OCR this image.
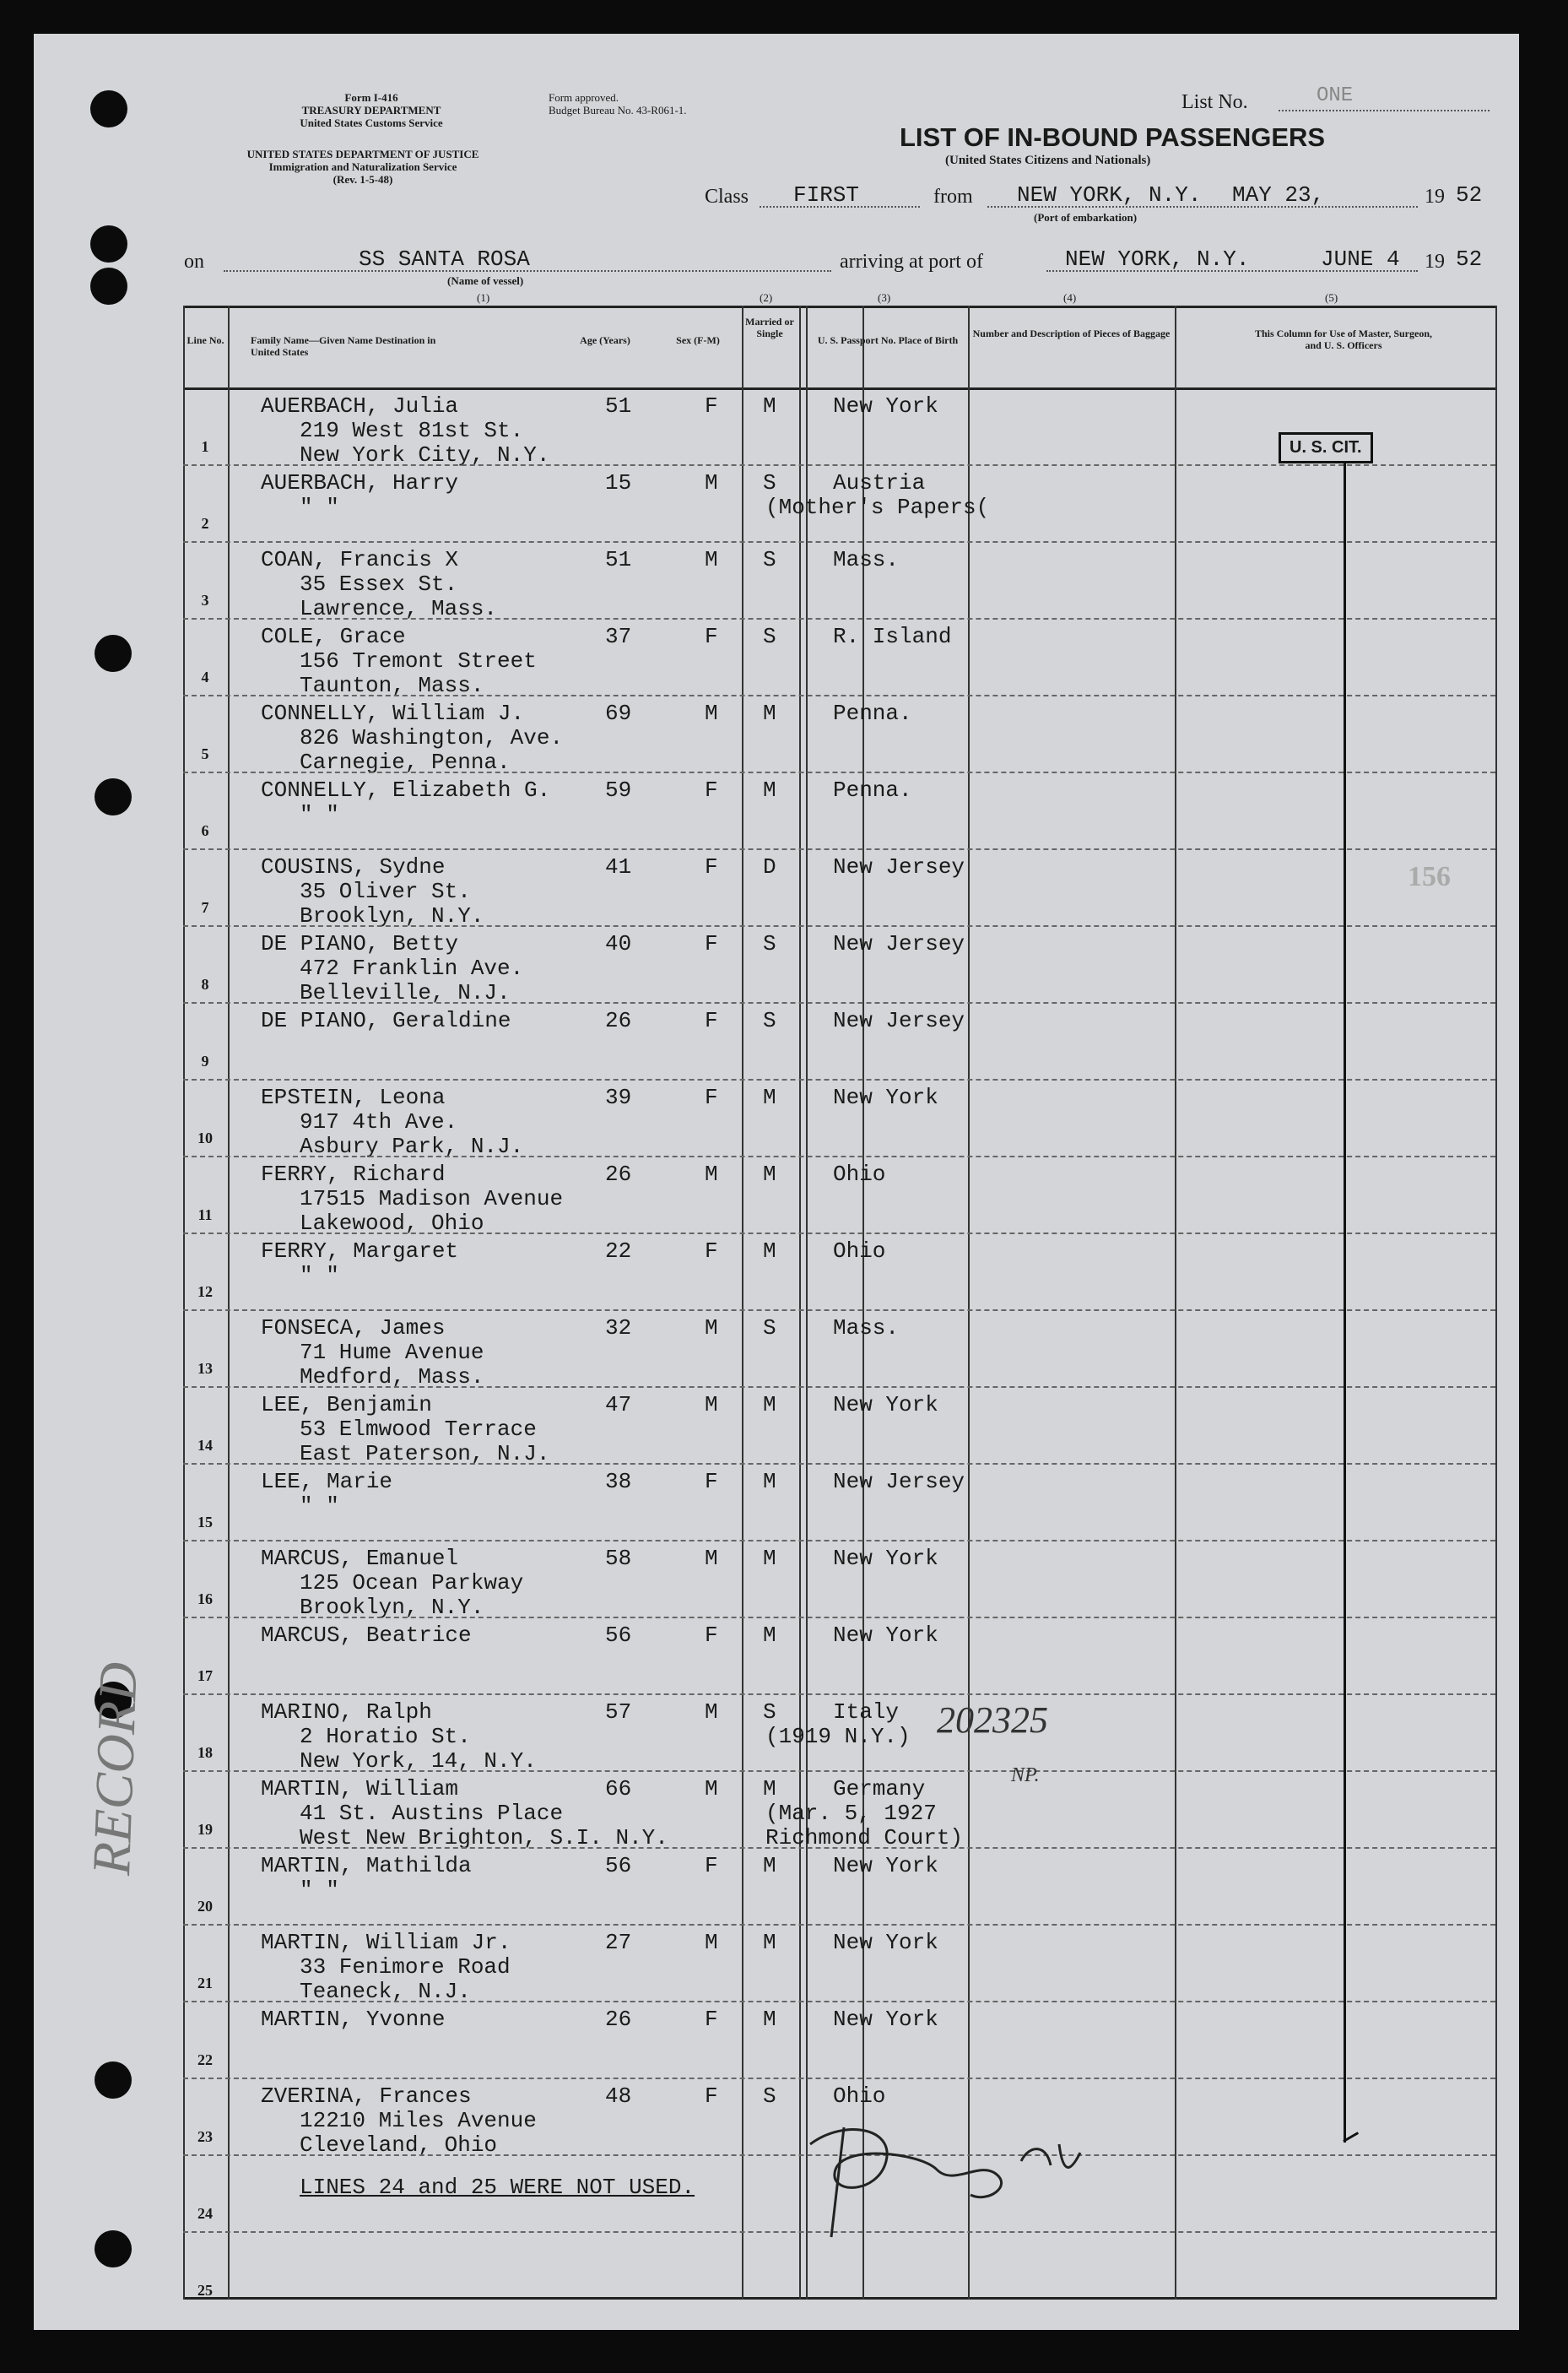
Form I-416
TREASURY DEPARTMENT
United States Customs Service
Form approved.
Budget Bureau No. 43-R061-1.
UNITED STATES DEPARTMENT OF JUSTICE
Immigration and Naturalization Service
(Rev. 1-5-48)
List No.	ONE
LIST OF IN-BOUND PASSENGERS
(United States Citizens and Nationals)
Class FIRST	from NEW YORK, N.Y. MAY 23,	19 52
(Port of embarkation)
on	SS SANTA ROSA
(Name of vessel)
arriving at port of	NEW YORK, N.Y.	JUNE 4 19 52
(1)	(2)	(3)	(4)	(5)
Line No.	Family Name—Given Name Destination in United States
Age (Years)	Sex (F-M)
Married or Single
U. S. Passport No. Place of Birth
Number and Description of Pieces of Baggage	This Column for Use of Master, Surgeon, and U. S. Officers
1
AUERBACH, Julia
219 West 81st St.
New York City, N.Y.
51	F M	New York
2
AUERBACH, Harry
" "
15	M S	Austria
(Mother's Papers(
3
COAN, Francis X
35 Essex St.
Lawrence, Mass.
51	M S	Mass.
4
COLE, Grace
156 Tremont Street
Taunton, Mass.
37	F S	R. Island
5
CONNELLY, William J.
826 Washington, Ave.
Carnegie, Penna.
69	M M	Penna.
6
CONNELLY, Elizabeth G.
" "
59	F M	Penna.
7
COUSINS, Sydne
35 Oliver St.
Brooklyn, N.Y.
41	F D	New Jersey
8
DE PIANO, Betty
472 Franklin Ave.
Belleville, N.J.
40	F S	New Jersey
9
DE PIANO, Geraldine	26	F S	New Jersey
10
EPSTEIN, Leona
917 4th Ave.
Asbury Park, N.J.
39	F M	New York
11
FERRY, Richard
17515 Madison Avenue
Lakewood, Ohio
26	M M	Ohio
12
FERRY, Margaret
" "
22	F M	Ohio
13
FONSECA, James
71 Hume Avenue
Medford, Mass.
32	M S	Mass.
14
LEE, Benjamin
53 Elmwood Terrace
East Paterson, N.J.
47	M M	New York
15
LEE, Marie
" "
38	F M	New Jersey
16
MARCUS, Emanuel
125 Ocean Parkway
Brooklyn, N.Y.
58	M M	New York
17
MARCUS, Beatrice	56	F M	New York
18
MARINO, Ralph
2 Horatio St.
New York, 14, N.Y.
57	M S	Italy
(1919 N.Y.)
19
MARTIN, William
41 St. Austins Place
West New Brighton, S.I. N.Y.
66	M M	Germany
(Mar. 5, 1927
Richmond Court)
20
MARTIN, Mathilda
" "
56	F M	New York
21
MARTIN, William Jr.
33 Fenimore Road
Teaneck, N.J.
27	M M	New York
22
MARTIN, Yvonne	26	F M	New York
23
ZVERINA, Frances
12210 Miles Avenue
Cleveland, Ohio
48	F S	Ohio
24
25
U. S. CIT.
156
LINES 24 and 25 WERE NOT USED.
202325
NP.
RECORD
